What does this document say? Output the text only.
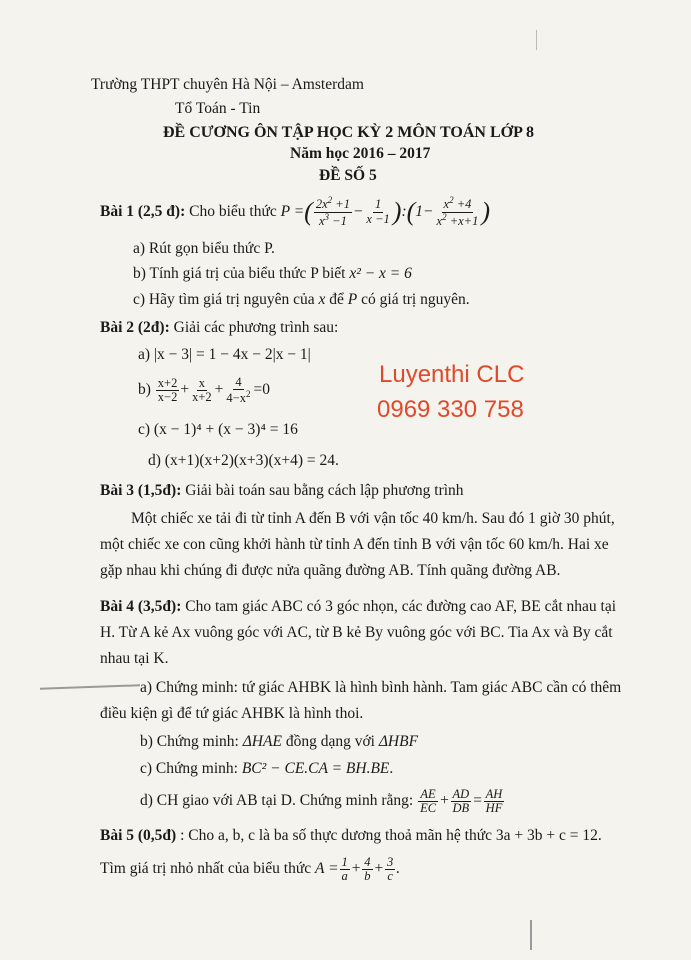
Trường THPT chuyên Hà Nội – Amsterdam
Tổ Toán - Tin
ĐỀ CƯƠNG ÔN TẬP HỌC KỲ 2 MÔN TOÁN LỚP 8
Năm học 2016 – 2017
ĐỀ SỐ 5
Bài 1 (2,5 đ):
Cho biểu thức
P = ( $\frac{2x^2 +1}{x^3 -1} - \frac{1}{x -1}$ ) : ( $1- \frac{x^2 +4}{x^2 +x+1}$ )
a) Rút gọn biểu thức P.
b) Tính giá trị của biểu thức P biết x² − x = 6
c) Hãy tìm giá trị nguyên của x để P có giá trị nguyên.
Bài 2 (2đ): Giải các phương trình sau:
a) |x − 3| = 1 − 4x − 2|x − 1|
b)
$\frac{x+2}{x-2} + \frac{x}{x+2} + \frac{4}{4-x^2} =0$
c) (x − 1)⁴ + (x − 3)⁴ = 16
d) (x+1)(x+2)(x+3)(x+4) = 24.
Luyenthi CLC
0969 330 758
Bài 3 (1,5đ): Giải bài toán sau bằng cách lập phương trình
Một chiếc xe tải đi từ tỉnh A đến B với vận tốc 40 km/h. Sau đó 1 giờ 30 phút,
một chiếc xe con cũng khởi hành từ tỉnh A đến tỉnh B với vận tốc 60 km/h. Hai xe
gặp nhau khi chúng đi được nửa quãng đường AB. Tính quãng đường AB.
Bài 4 (3,5đ): Cho tam giác ABC có 3 góc nhọn, các đường cao AF, BE cắt nhau tại
H. Từ A kẻ Ax vuông góc với AC, từ B kẻ By vuông góc với BC. Tia Ax và By cắt
nhau tại K.
a) Chứng minh: tứ giác AHBK là hình bình hành. Tam giác ABC cần có thêm
điều kiện gì để tứ giác AHBK là hình thoi.
b) Chứng minh: ΔHAE đồng dạng với ΔHBF
c) Chứng minh: BC² − CE.CA = BH.BE.
d) CH giao với AB tại D. Chứng minh rằng:
$\frac{AE}{EC} + \frac{AD}{DB} = \frac{AH}{HF}$
Bài 5 (0,5đ) : Cho a, b, c là ba số thực dương thoả mãn hệ thức 3a + 3b + c = 12.
Tìm giá trị nhỏ nhất của biểu thức
$A = \frac{1}{a} + \frac{4}{b} + \frac{3}{c}$ .
